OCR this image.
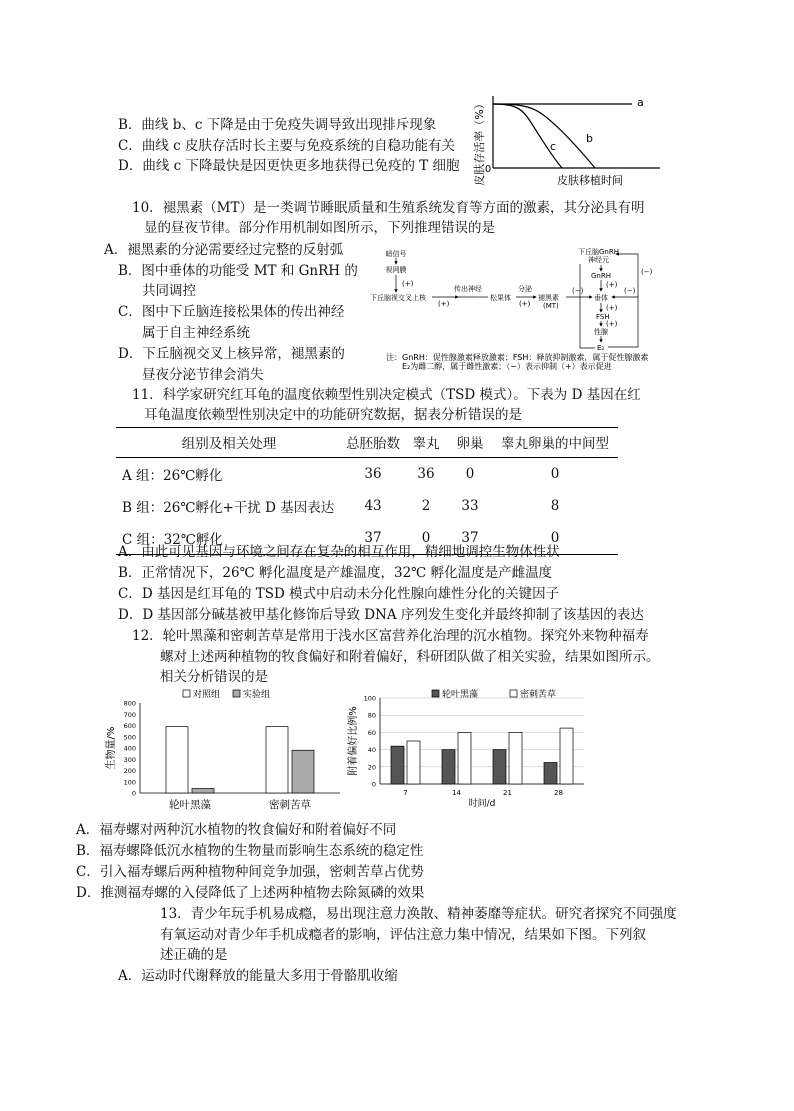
B．曲线 b、c 下降是由于免疫失调导致出现排斥现象
C．曲线 c 皮肤存活时长主要与免疫系统的自稳功能有关
D．曲线 c 下降最快是因更快更多地获得已免疫的 T 细胞 皮肤存活率（%）
0
a
b
c
皮肤移植时间
10．褪黑素（MT）是一类调节睡眠质量和生殖系统发育等方面的激素，其分泌具有明
显的昼夜节律。部分作用机制如图所示，下列推理错误的是
A．褪黑素的分泌需要经过完整的反射弧
B．图中垂体的功能受 MT 和 GnRH 的
共同调控
C．图中下丘脑连接松果体的传出神经
属于自主神经系统
D．下丘脑视交叉上核异常，褪黑素的
昼夜分泌节律会消失
暗信号
视网膜
(+)
下丘脑视交叉上核
传出神经
(+)
松果体
分泌
(+)
褪黑素
(MT)
(−)
下丘脑GnRH
神经元
GnRH
(+)
垂体
(+)
FSH
(+)
性腺
E₂
(−)
(−)
注：GnRH：促性腺激素释放激素；FSH：释放抑制激素，属于促性腺激素
E₂为雌二醇，属于雌性激素；（−）表示抑制（+）表示促进
11．科学家研究红耳龟的温度依赖型性别决定模式（TSD 模式）。下表为 D 基因在红
耳龟温度依赖型性别决定中的功能研究数据，据表分析错误的是
组别及相关处理	总胚胎数	睾丸	卵巢	睾丸卵巢的中间型
A 组：26℃孵化	36	36	0	0
B 组：26℃孵化+干扰 D 基因表达	43	2	33	8
C 组：32℃孵化	37	0	37	0
A．由此可见基因与环境之间存在复杂的相互作用，精细地调控生物体性状
B．正常情况下，26℃ 孵化温度是产雄温度，32℃ 孵化温度是产雌温度
C．D 基因是红耳龟的 TSD 模式中启动未分化性腺向雄性分化的关键因子
D．D 基因部分碱基被甲基化修饰后导致 DNA 序列发生变化并最终抑制了该基因的表达
12．轮叶黑藻和密刺苦草是常用于浅水区富营养化治理的沉水植物。探究外来物种福寿
螺对上述两种植物的牧食偏好和附着偏好，科研团队做了相关实验，结果如图所示。
相关分析错误的是
对照组	实验组
0
100
200
300
400
500
600
700
800
生物量/%
轮叶黑藻	密刺苦草
轮叶黑藻	密刺苦草
0
20
40
60
80
100
附着偏好比例%
7	14	21	28
时间/d
A．福寿螺对两种沉水植物的牧食偏好和附着偏好不同
B．福寿螺降低沉水植物的生物量而影响生态系统的稳定性
C．引入福寿螺后两种植物种间竞争加强，密刺苦草占优势
D．推测福寿螺的入侵降低了上述两种植物去除氮磷的效果
13．青少年玩手机易成瘾，易出现注意力涣散、精神萎靡等症状。研究者探究不同强度
有氧运动对青少年手机成瘾者的影响，评估注意力集中情况，结果如下图。下列叙
述正确的是
A．运动时代谢释放的能量大多用于骨骼肌收缩
